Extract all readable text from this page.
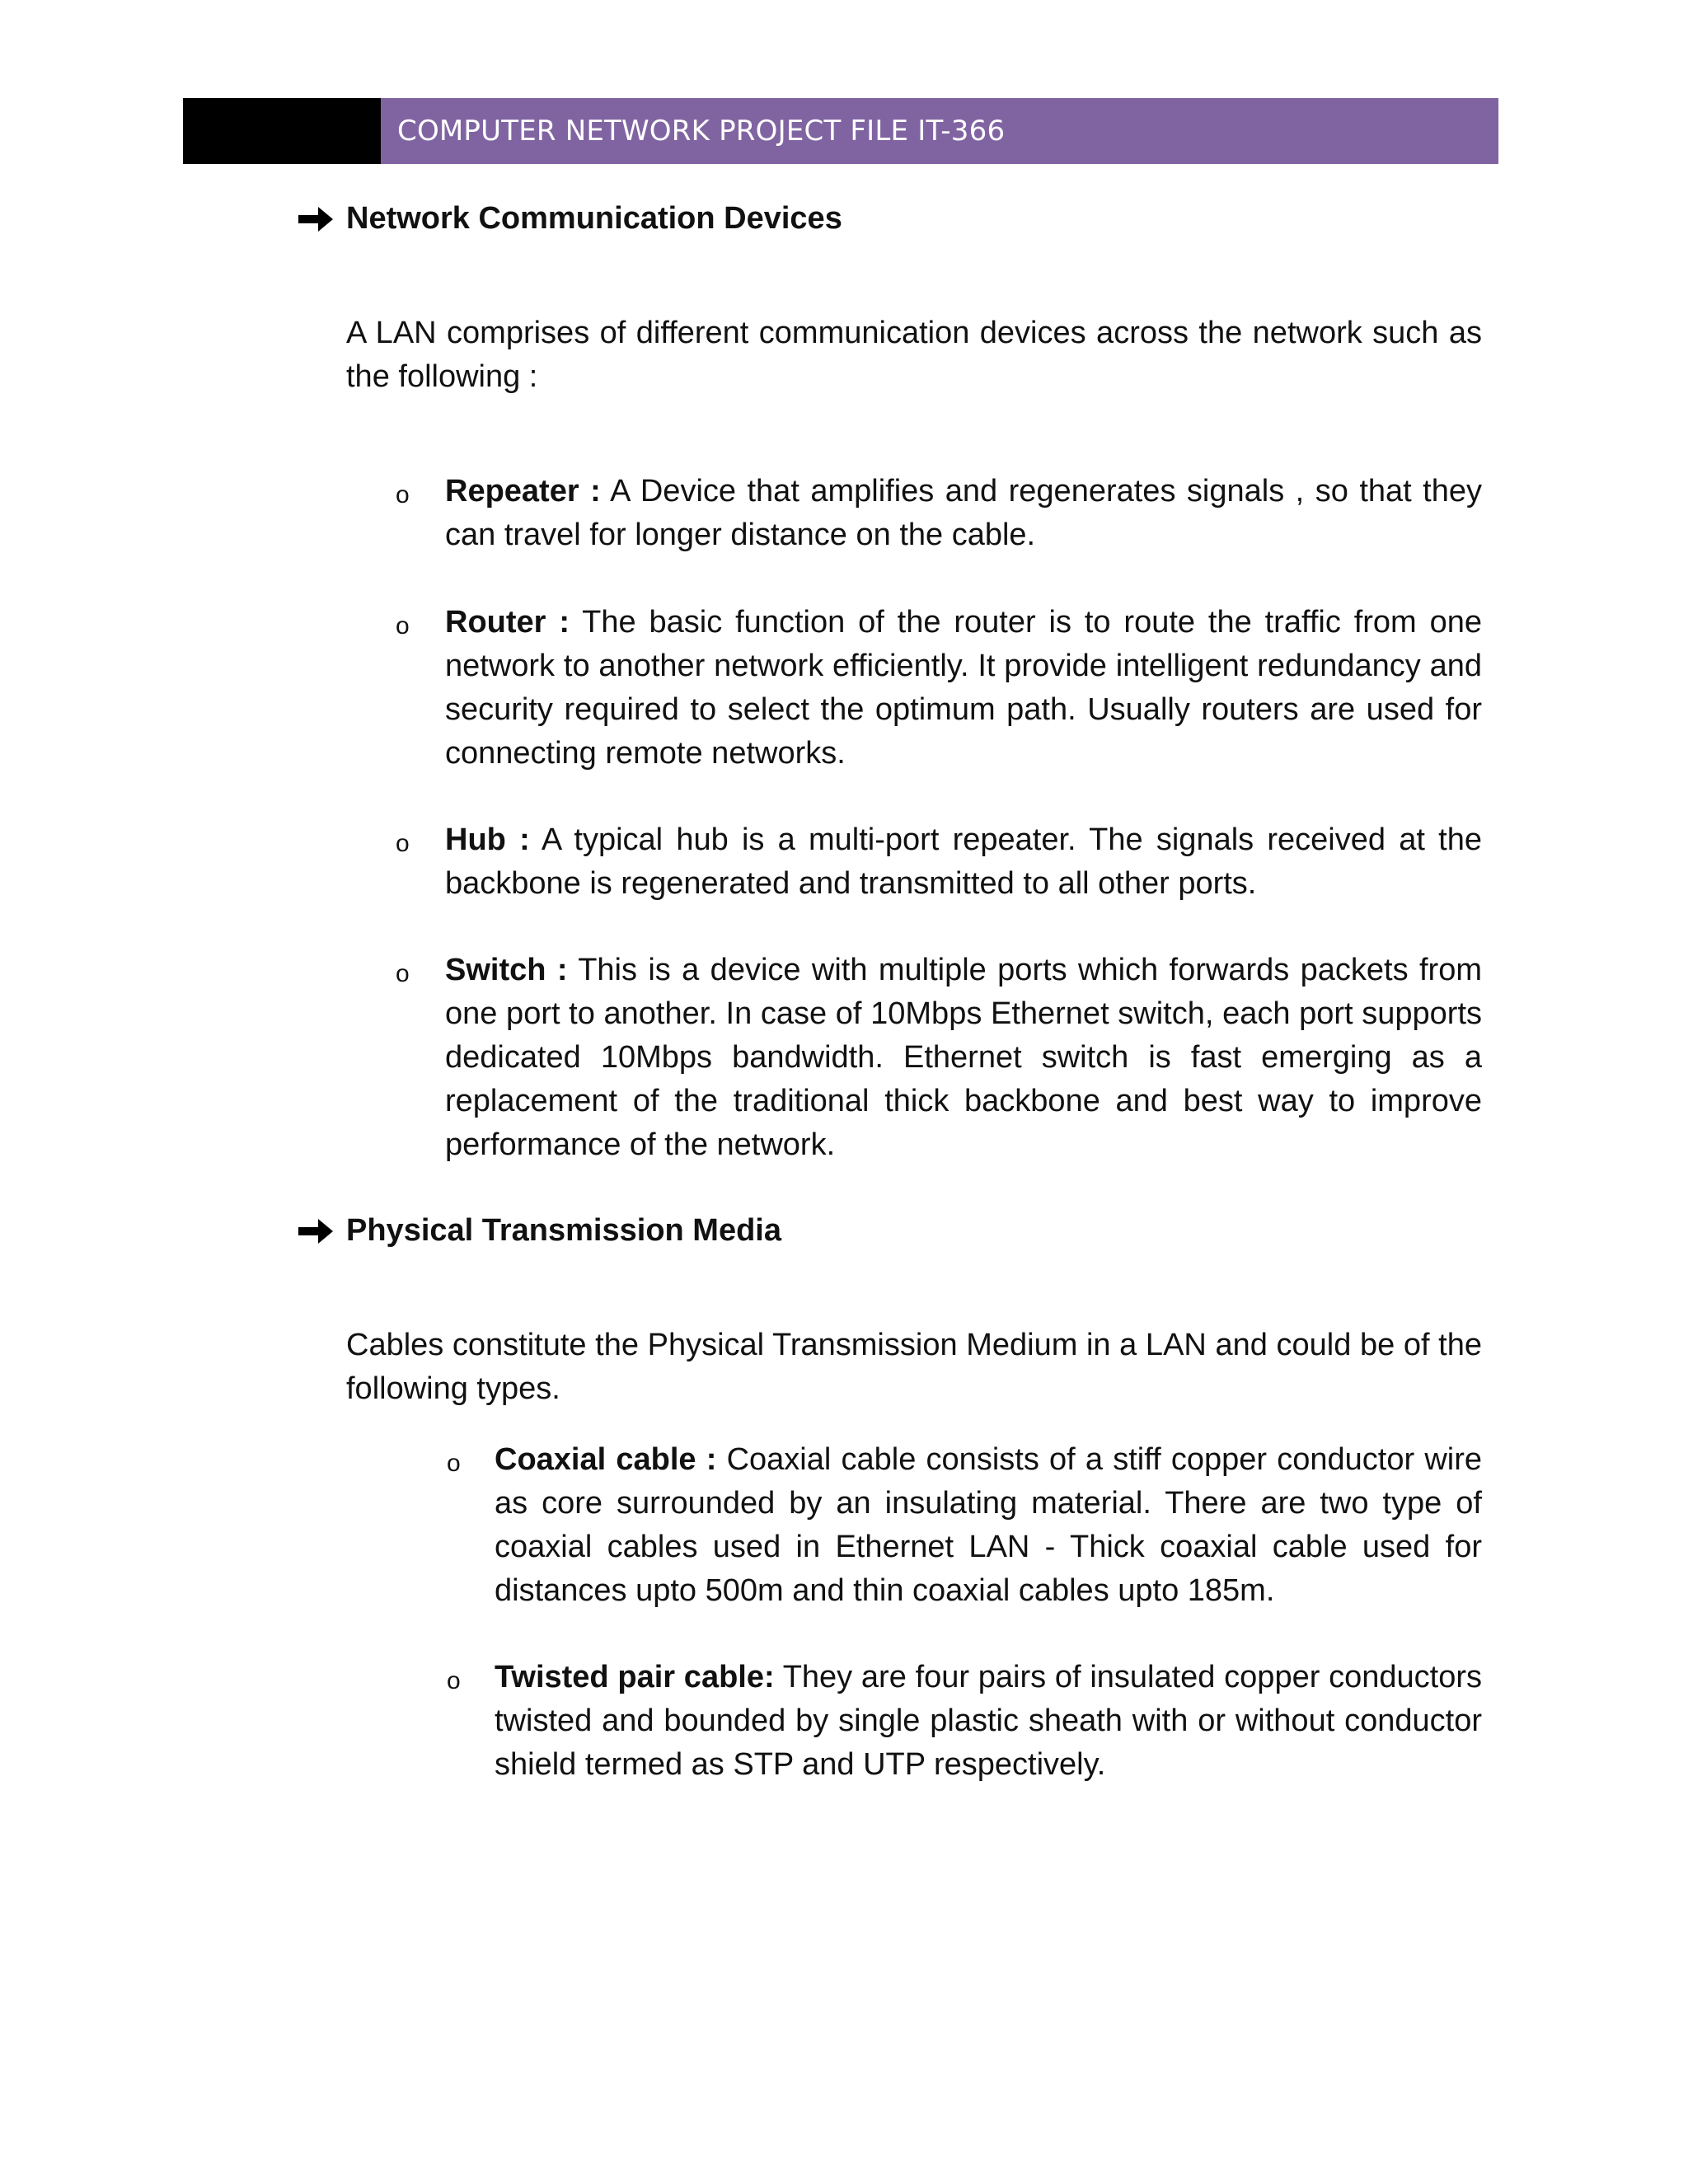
COMPUTER NETWORK PROJECT FILE IT-366
Network Communication Devices

A LAN comprises of different communication devices across the network such as the following :

o Repeater : A Device that amplifies and regenerates signals , so that they can travel for longer distance on the cable.

o Router : The basic function of the router is to route the traffic from one network to another network efficiently. It provide intelligent redundancy and security required to select the optimum path. Usually routers are used for connecting remote networks.

o Hub : A typical hub is a multi-port repeater. The signals received at the backbone is regenerated and transmitted to all other ports.

o Switch : This is a device with multiple ports which forwards packets from one port to another. In case of 10Mbps Ethernet switch, each port supports dedicated 10Mbps bandwidth. Ethernet switch is fast emerging as a replacement of the traditional thick backbone and best way to improve performance of the network.

Physical Transmission Media

Cables constitute the Physical Transmission Medium in a LAN and could be of the following types.

o Coaxial cable : Coaxial cable consists of a stiff copper conductor wire as core surrounded by an insulating material. There are two type of coaxial cables used in Ethernet LAN - Thick coaxial cable used for distances upto 500m and thin coaxial cables upto 185m.

o Twisted pair cable: They are four pairs of insulated copper conductors twisted and bounded by single plastic sheath with or without conductor shield termed as STP and UTP respectively.
